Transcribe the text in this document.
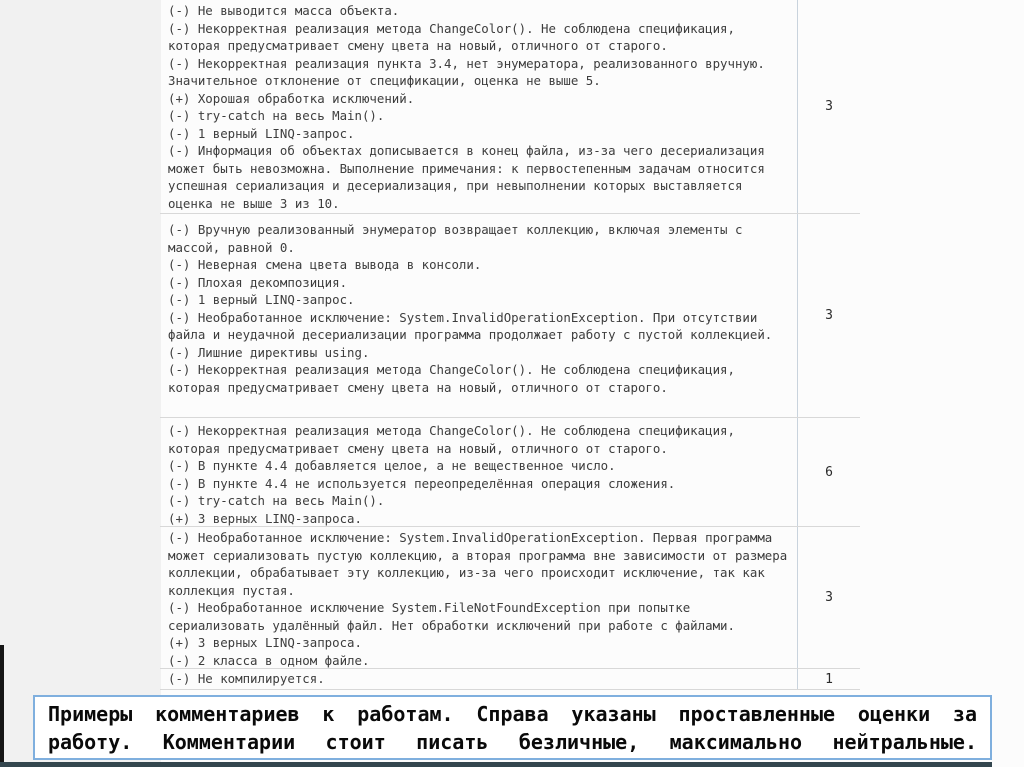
(-) Не выводится масса объекта.
(-) Некорректная реализация метода ChangeColor(). Не соблюдена спецификация, которая предусматривает смену цвета на новый, отличного от старого.
(-) Некорректная реализация пункта 3.4, нет энумератора, реализованного вручную. Значительное отклонение от спецификации, оценка не выше 5.
(+) Хорошая обработка исключений.
(-) try-catch на весь Main().
(-) 1 верный LINQ-запрос.
(-) Информация об объектах дописывается в конец файла, из-за чего десериализация может быть невозможна. Выполнение примечания: к первостепенным задачам относится успешная сериализация и десериализация, при невыполнении которых выставляется оценка не выше 3 из 10.
3
(-) Вручную реализованный энумератор возвращает коллекцию, включая элементы с массой, равной 0.
(-) Неверная смена цвета вывода в консоли.
(-) Плохая декомпозиция.
(-) 1 верный LINQ-запрос.
(-) Необработанное исключение: System.InvalidOperationException. При отсутствии файла и неудачной десериализации программа продолжает работу с пустой коллекцией.
(-) Лишние директивы using.
(-) Некорректная реализация метода ChangeColor(). Не соблюдена спецификация, которая предусматривает смену цвета на новый, отличного от старого.
3
(-) Некорректная реализация метода ChangeColor(). Не соблюдена спецификация, которая предусматривает смену цвета на новый, отличного от старого.
(-) В пункте 4.4 добавляется целое, а не вещественное число.
(-) В пункте 4.4 не используется переопределённая операция сложения.
(-) try-catch на весь Main().
(+) 3 верных LINQ-запроса.
6
(-) Необработанное исключение: System.InvalidOperationException. Первая программа может сериализовать пустую коллекцию, а вторая программа вне зависимости от размера коллекции, обрабатывает эту коллекцию, из-за чего происходит исключение, так как коллекция пустая.
(-) Необработанное исключение System.FileNotFoundException при попытке сериализовать удалённый файл. Нет обработки исключений при работе с файлами.
(+) 3 верных LINQ-запроса.
(-) 2 класса в одном файле.
3
(-) Не компилируется.	1

Примеры комментариев к работам. Справа указаны проставленные оценки за работу. Комментарии стоит писать безличные, максимально нейтральные.
